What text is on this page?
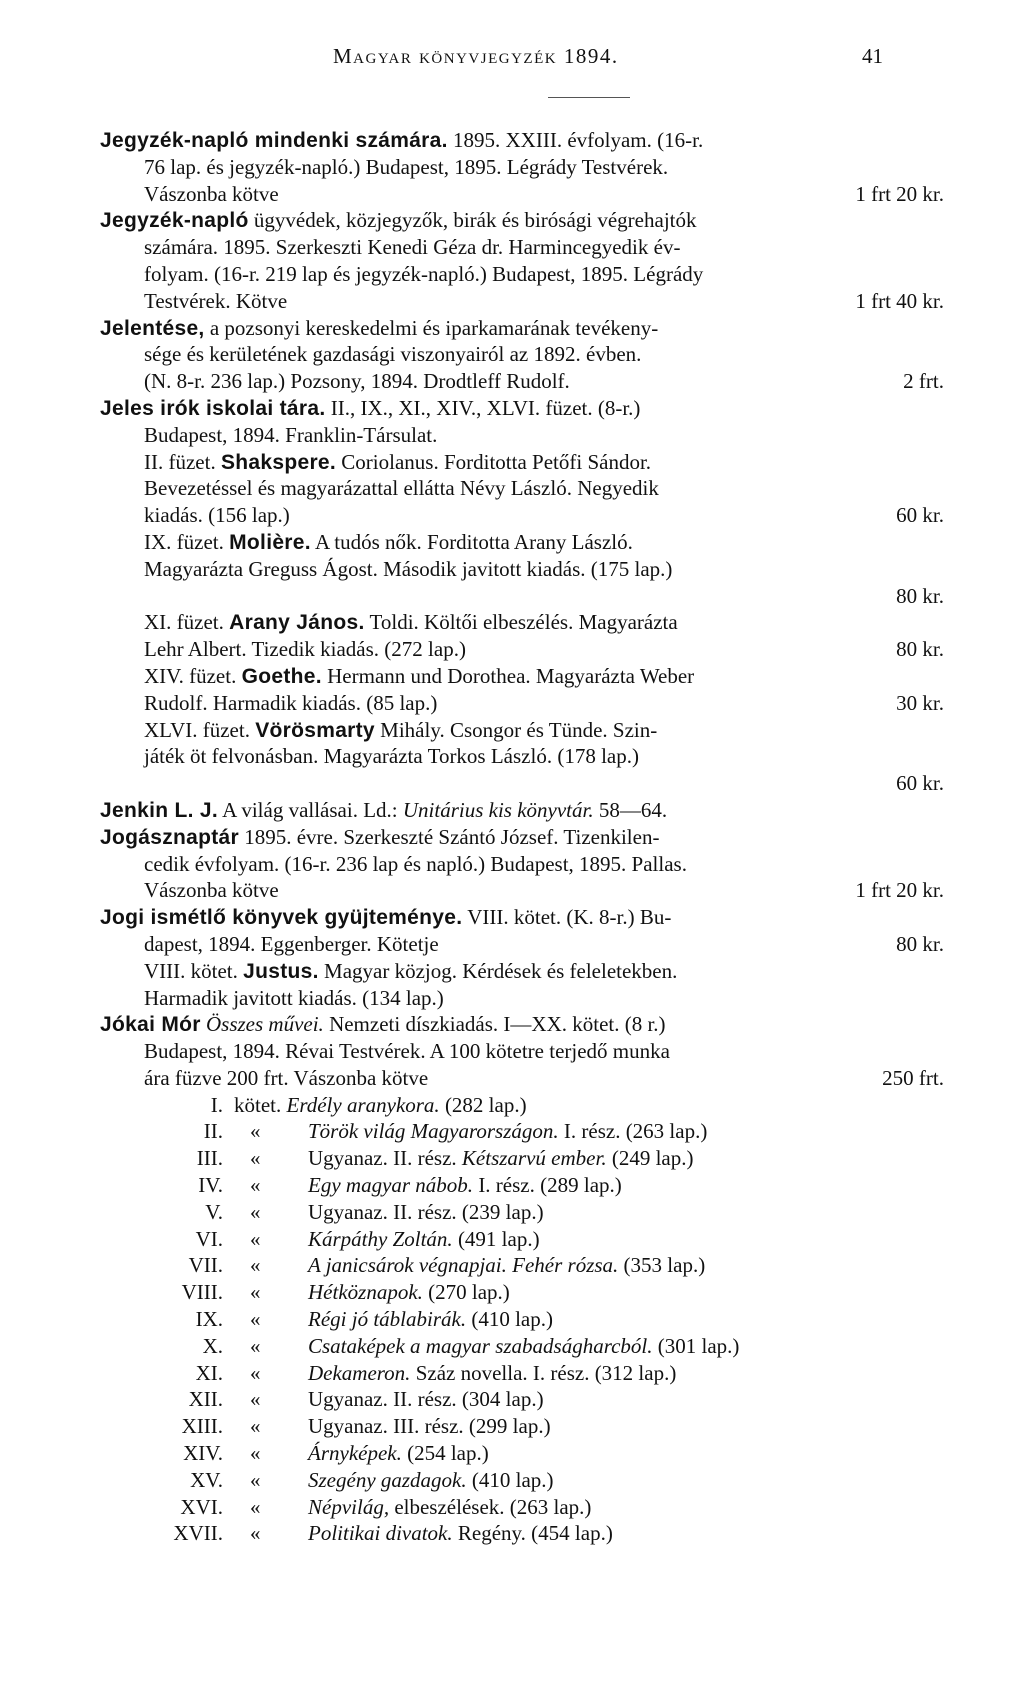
Magyar könyvjegyzék 1894.	41
Jegyzék-napló mindenki számára. 1895. XXIII. évfolyam. (16-r.
76 lap. és jegyzék-napló.) Budapest, 1895. Légrády Testvérek.
Vászonba kötve	1 frt 20 kr.
Jegyzék-napló ügyvédek, közjegyzők, birák és birósági végrehajtók
számára. 1895. Szerkeszti Kenedi Géza dr. Harmincegyedik év-
folyam. (16-r. 219 lap és jegyzék-napló.) Budapest, 1895. Légrády
Testvérek. Kötve	1 frt 40 kr.
Jelentése, a pozsonyi kereskedelmi és iparkamarának tevékeny-
sége és kerületének gazdasági viszonyairól az 1892. évben.
(N. 8-r. 236 lap.) Pozsony, 1894. Drodtleff Rudolf.	2 frt.
Jeles irók iskolai tára. II., IX., XI., XIV., XLVI. füzet. (8-r.)
Budapest, 1894. Franklin-Társulat.
II. füzet. Shakspere. Coriolanus. Forditotta Petőfi Sándor.
Bevezetéssel és magyarázattal ellátta Névy László. Negyedik
kiadás. (156 lap.)	60 kr.
IX. füzet. Molière. A tudós nők. Forditotta Arany László.
Magyarázta Greguss Ágost. Második javitott kiadás. (175 lap.)
80 kr.
XI. füzet. Arany János. Toldi. Költői elbeszélés. Magyarázta
Lehr Albert. Tizedik kiadás. (272 lap.)	80 kr.
XIV. füzet. Goethe. Hermann und Dorothea. Magyarázta Weber
Rudolf. Harmadik kiadás. (85 lap.)	30 kr.
XLVI. füzet. Vörösmarty Mihály. Csongor és Tünde. Szin-
játék öt felvonásban. Magyarázta Torkos László. (178 lap.)
60 kr.
Jenkin L. J. A világ vallásai. Ld.: Unitárius kis könyvtár. 58—64.
Jogásznaptár 1895. évre. Szerkeszté Szántó József. Tizenkilen-
cedik évfolyam. (16-r. 236 lap és napló.) Budapest, 1895. Pallas.
Vászonba kötve	1 frt 20 kr.
Jogi ismétlő könyvek gyüjteménye. VIII. kötet. (K. 8-r.) Bu-
dapest, 1894. Eggenberger. Kötetje	80 kr.
VIII. kötet. Justus. Magyar közjog. Kérdések és feleletekben.
Harmadik javitott kiadás. (134 lap.)
Jókai Mór Összes művei. Nemzeti díszkiadás. I—XX. kötet. (8 r.)
Budapest, 1894. Révai Testvérek. A 100 kötetre terjedő munka
ára füzve 200 frt. Vászonba kötve	250 frt.
I. kötet. Erdély aranykora. (282 lap.)
II. « Török világ Magyarországon. I. rész. (263 lap.)
III. « Ugyanaz. II. rész. Kétszarvú ember. (249 lap.)
IV. « Egy magyar nábob. I. rész. (289 lap.)
V. « Ugyanaz. II. rész. (239 lap.)
VI. « Kárpáthy Zoltán. (491 lap.)
VII. « A janicsárok végnapjai. Fehér rózsa. (353 lap.)
VIII. « Hétköznapok. (270 lap.)
IX. « Régi jó táblabirák. (410 lap.)
X. « Csataképek a magyar szabadságharcból. (301 lap.)
XI. « Dekameron. Száz novella. I. rész. (312 lap.)
XII. « Ugyanaz. II. rész. (304 lap.)
XIII. « Ugyanaz. III. rész. (299 lap.)
XIV. « Árnyképek. (254 lap.)
XV. « Szegény gazdagok. (410 lap.)
XVI. « Népvilág, elbeszélések. (263 lap.)
XVII. « Politikai divatok. Regény. (454 lap.)
